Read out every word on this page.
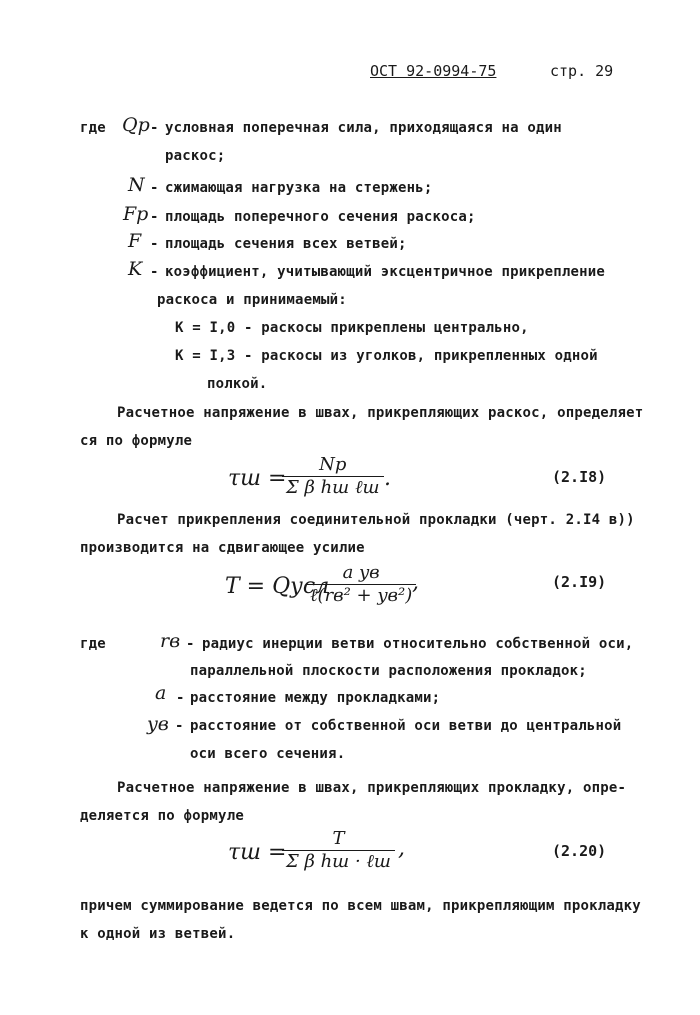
ОСТ 92-0994-75	стр. 29
где Qр - условная поперечная сила, приходящаяся на один
раскос;
N - сжимающая нагрузка на стержень;
Fр - площадь поперечного сечения раскоса;
F - площадь сечения всех ветвей;
K - коэффициент, учитывающий эксцентричное прикрепление
раскоса и принимаемый:
K = I,0 - раскосы прикреплены центрально,
K = I,3 - раскосы из уголков, прикрепленных одной
полкой.
Расчетное напряжение в швах, прикрепляющих раскос, определяет
ся по формуле
τш =
Nр
Σ β hш ℓш .	(2.I8)
Расчет прикрепления соединительной прокладки (черт. 2.I4 в))
производится на сдвигающее усилие
T = Qусл
a yв
ℓ(rв² + yв²)
,	(2.I9)
где	rв - радиус инерции ветви относительно собственной оси,
параллельной плоскости расположения прокладок;
a - расстояние между прокладками;
yв - расстояние от собственной оси ветви до центральной
оси всего сечения.
Расчетное напряжение в швах, прикрепляющих прокладку, опре-
деляется по формуле
τш =
T
Σ β hш · ℓш
,	(2.20)
причем суммирование ведется по всем швам, прикрепляющим прокладку
к одной из ветвей.
